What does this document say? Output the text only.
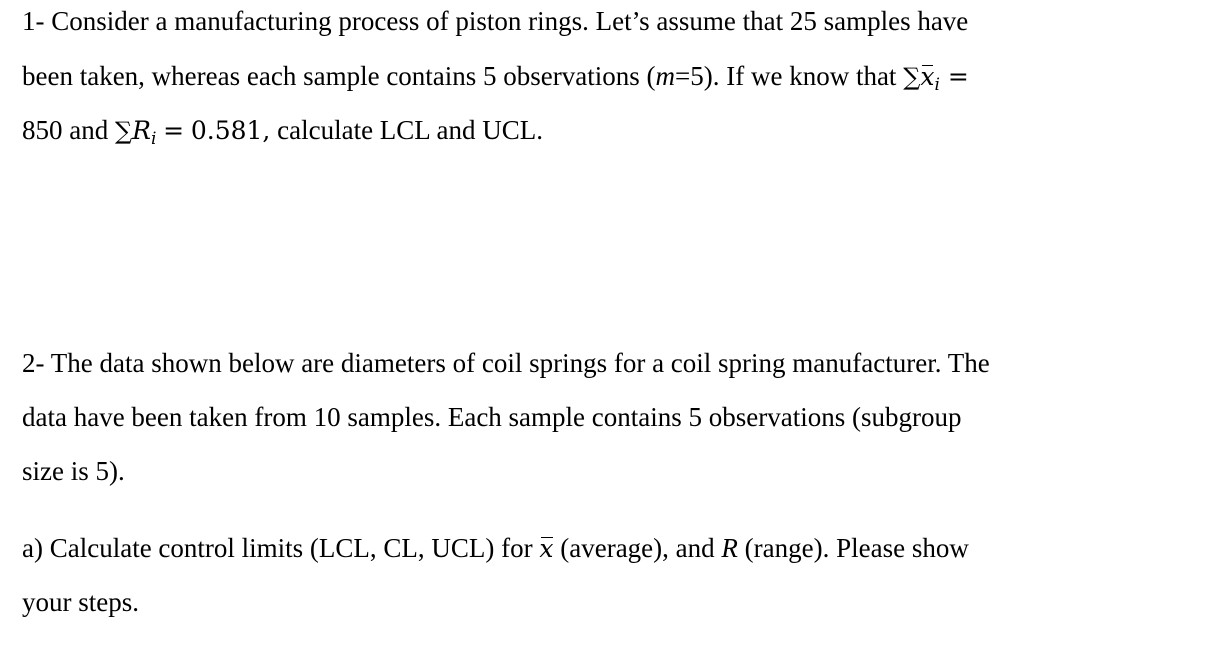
1- Consider a manufacturing process of piston rings. Let’s assume that 25 samples have
been taken, whereas each sample contains 5 observations (m=5). If we know that $\sum x_i$ =
850 and $\sum R_i = 0.581$, calculate LCL and UCL.
2- The data shown below are diameters of coil springs for a coil spring manufacturer. The
data have been taken from 10 samples. Each sample contains 5 observations (subgroup
size is 5).
a) Calculate control limits (LCL, CL, UCL) for x (average), and R (range). Please show
your steps.
